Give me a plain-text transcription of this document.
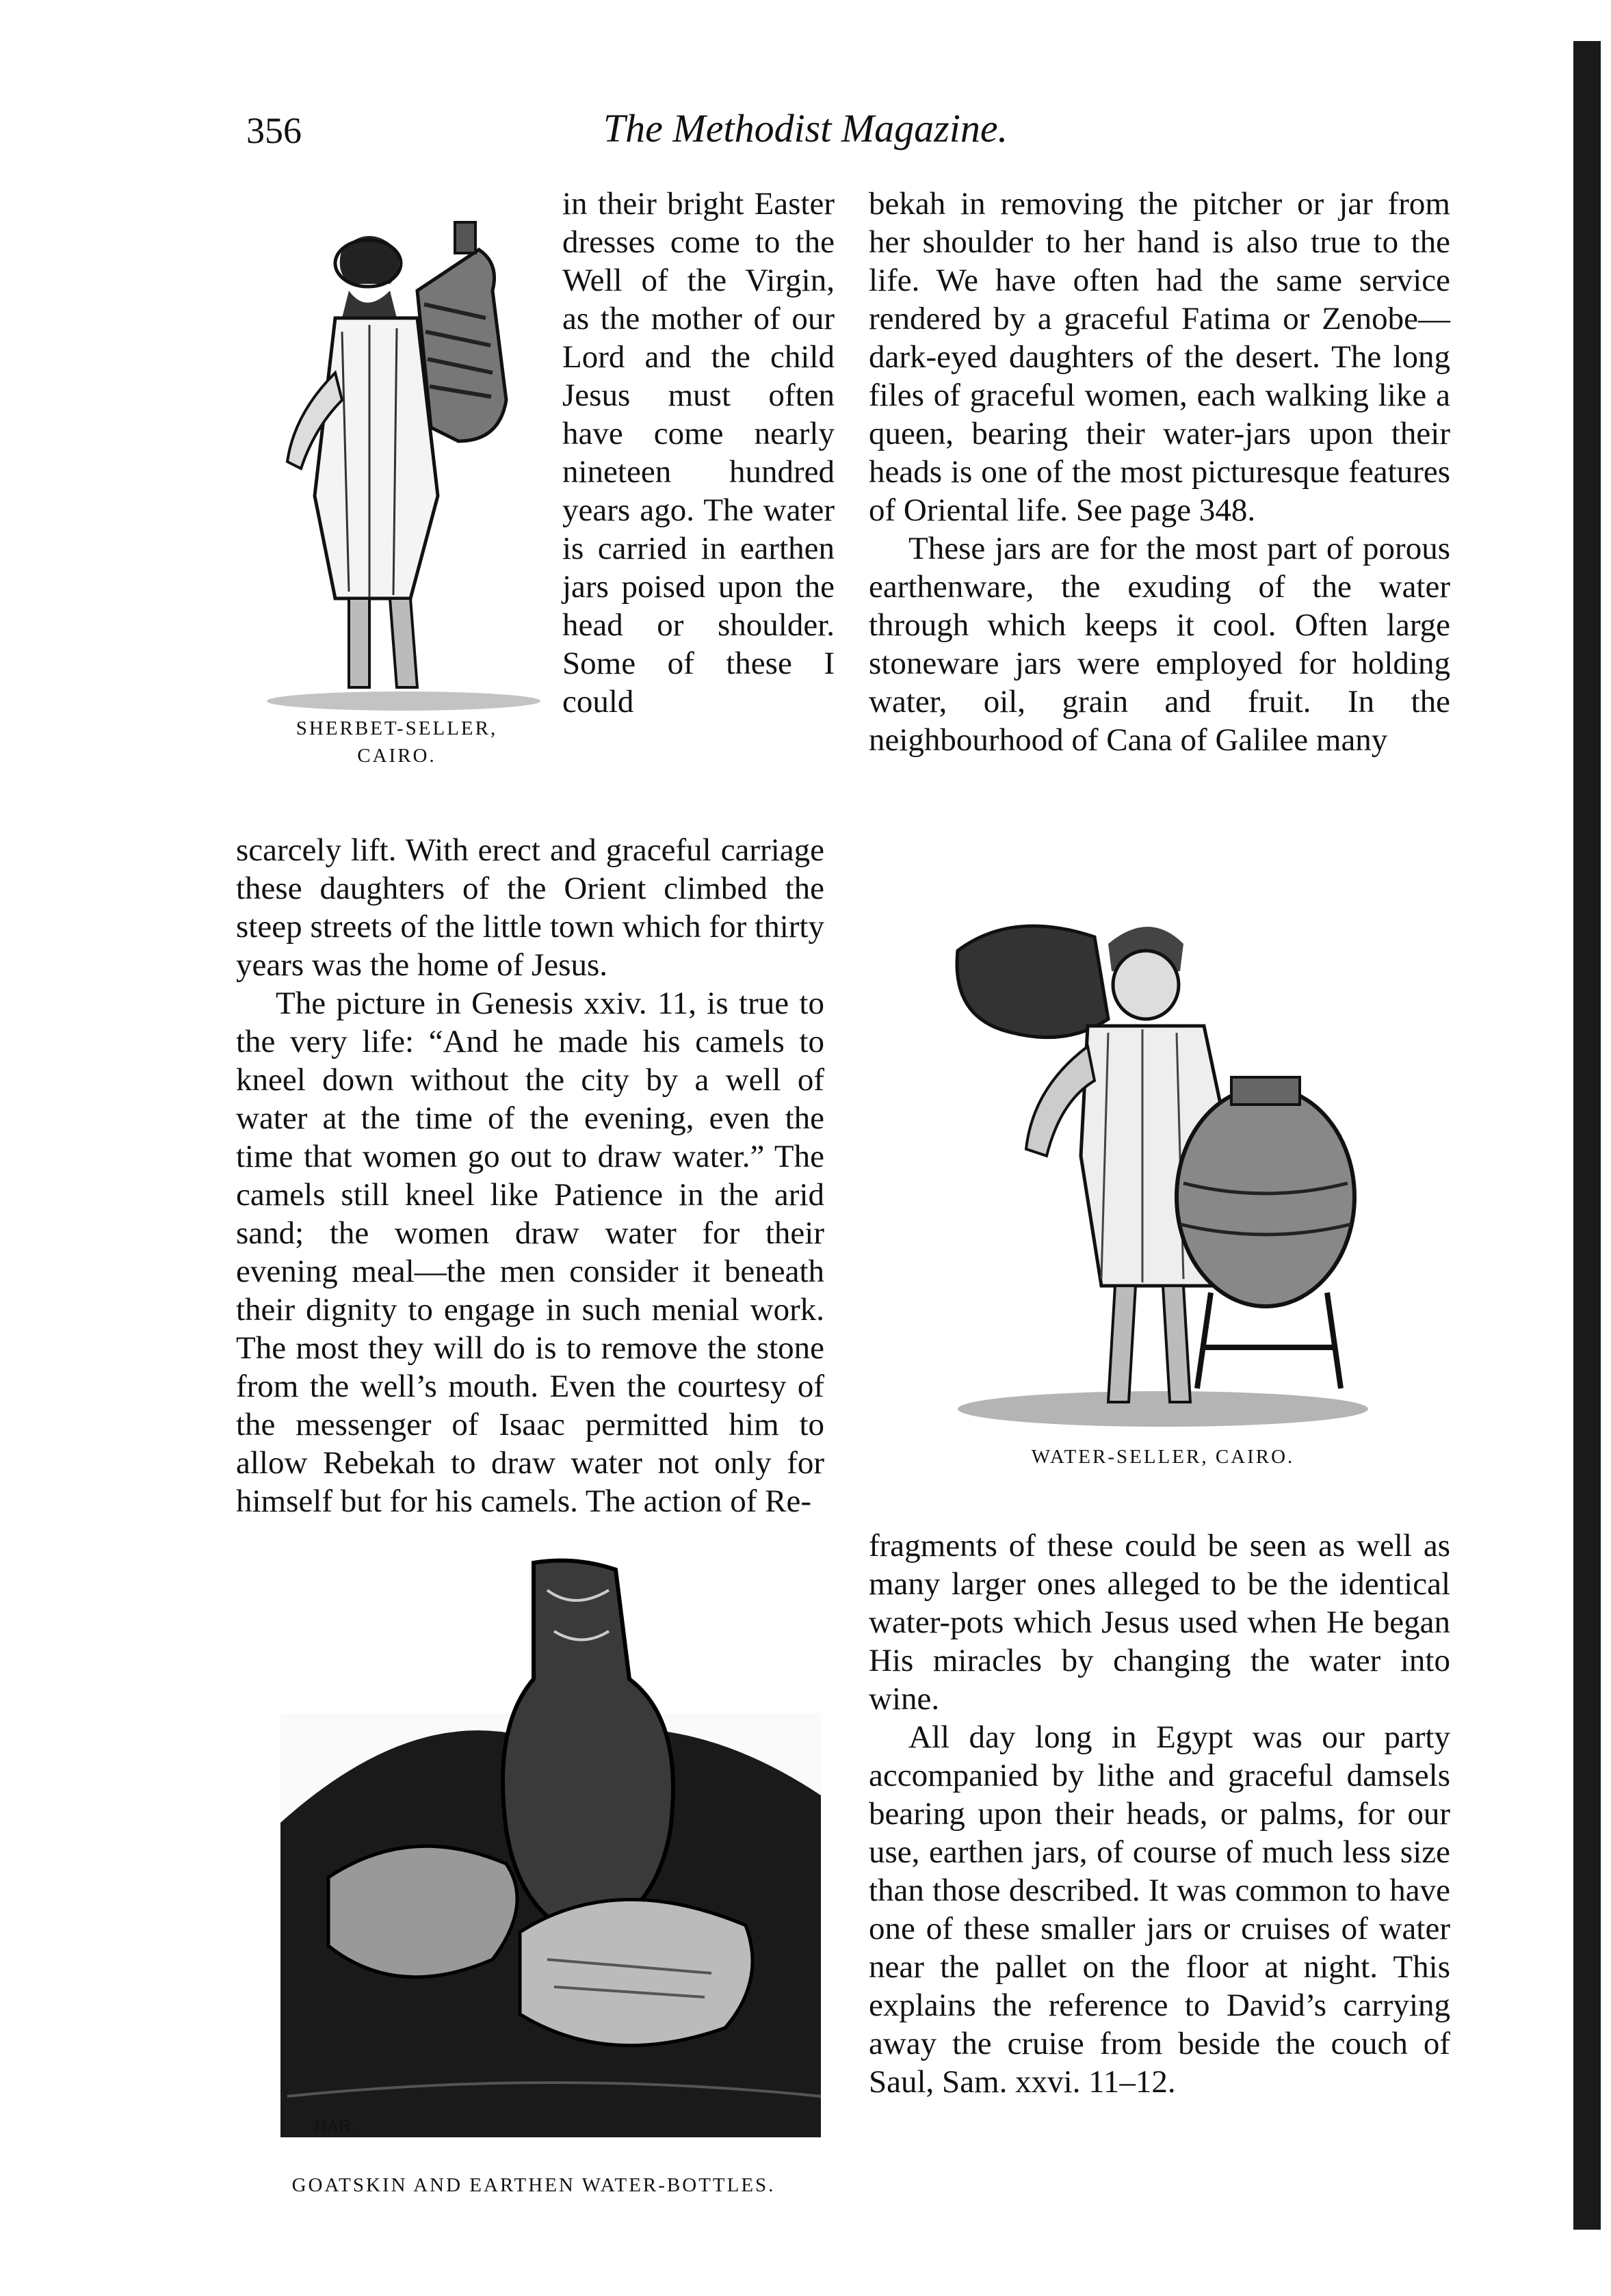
356	The Methodist Magazine.
SHERBET-SELLER,
CAIRO.

in their bright Easter dresses come to the Well of the Virgin, as the mother of our Lord and the child Jesus must often have come nearly nineteen hundred years ago. The water is carried in earthen jars poised upon the head or shoulder. Some of these I could

scarcely lift. With erect and graceful carriage these daughters of the Orient climbed the steep streets of the little town which for thirty years was the home of Jesus.

The picture in Genesis xxiv. 11, is true to the very life: “And he made his camels to kneel down without the city by a well of water at the time of the evening, even the time that women go out to draw water.” The camels still kneel like Patience in the arid sand; the women draw water for their evening meal—the men consider it beneath their dignity to engage in such menial work. The most they will do is to remove the stone from the well’s mouth. Even the courtesy of the messenger of Isaac permitted him to allow Rebekah to draw water not only for himself but for his camels. The action of Re-

bekah in removing the pitcher or jar from her shoulder to her hand is also true to the life. We have often had the same service rendered by a graceful Fatima or Zenobe—dark-eyed daughters of the desert. The long files of graceful women, each walking like a queen, bearing their water-jars upon their heads is one of the most picturesque features of Oriental life. See page 348.

These jars are for the most part of porous earthenware, the exuding of the water through which keeps it cool. Often large stoneware jars were employed for holding water, oil, grain and fruit. In the neighbourhood of Cana of Galilee many

WATER-SELLER, CAIRO.

fragments of these could be seen as well as many larger ones alleged to be the identical water-pots which Jesus used when He began His miracles by changing the water into wine.

All day long in Egypt was our party accompanied by lithe and graceful damsels bearing upon their heads, or palms, for our use, earthen jars, of course of much less size than those described. It was common to have one of these smaller jars or cruises of water near the pallet on the floor at night. This explains the reference to David’s carrying away the cruise from beside the couch of Saul, Sam. xxvi. 11–12.

HAR.
GOATSKIN AND EARTHEN WATER-BOTTLES.
